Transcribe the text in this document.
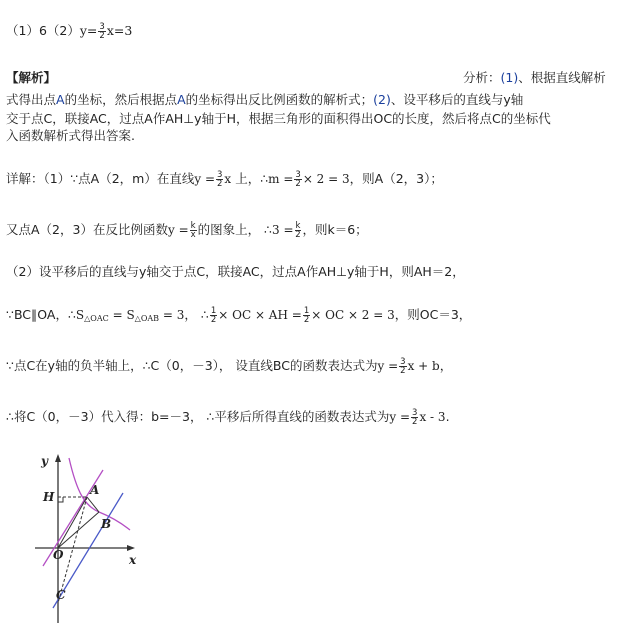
$(1)6(2)y= \frac{3}{2} x=3$
【解析】	分析：(1)、根据直线解析
式得出点A的坐标，然后根据点A的坐标得出反比例函数的解析式；(2)、设平移后的直线与y轴
交于点C，联接AC，过点A作AH⊥y轴于H，根据三角形的面积得出OC的长度，然后将点C的坐标代
入函数解析式得出答案.
详解：（1）∵点A（2，m）在直线$y = \frac{3}{2}$ x 上，∴m = $\frac{3}{2} \times 2 = 3$，则A（2，3）；
又点A（2，3）在反比例函数$y = \frac{k}{x}$ 的图象上， ∴3 = $\frac{k}{2}$ ，则k＝6；
（2）设平移后的直线与y轴交于点C，联接AC，过点A作AH⊥y轴于H，则AH＝2，
∵BC∥OA，$\therefore S_{\triangle OAC} = S_{\triangle OAB} = 3$， ∴ $\frac{1}{2}$ × OC × AH = $\frac{1}{2}$ × OC × 2 = 3，则OC＝3，
∵点C在y轴的负半轴上，∴C（0，－3）， 设直线BC的函数表达式为$y = \frac{3}{2}$ x + b，
∴将C（0，－3）代入得：b=－3， ∴平移后所得直线的函数表达式为$y = \frac{3}{2}$ x - 3.
y
x
H	A
B
O
C
